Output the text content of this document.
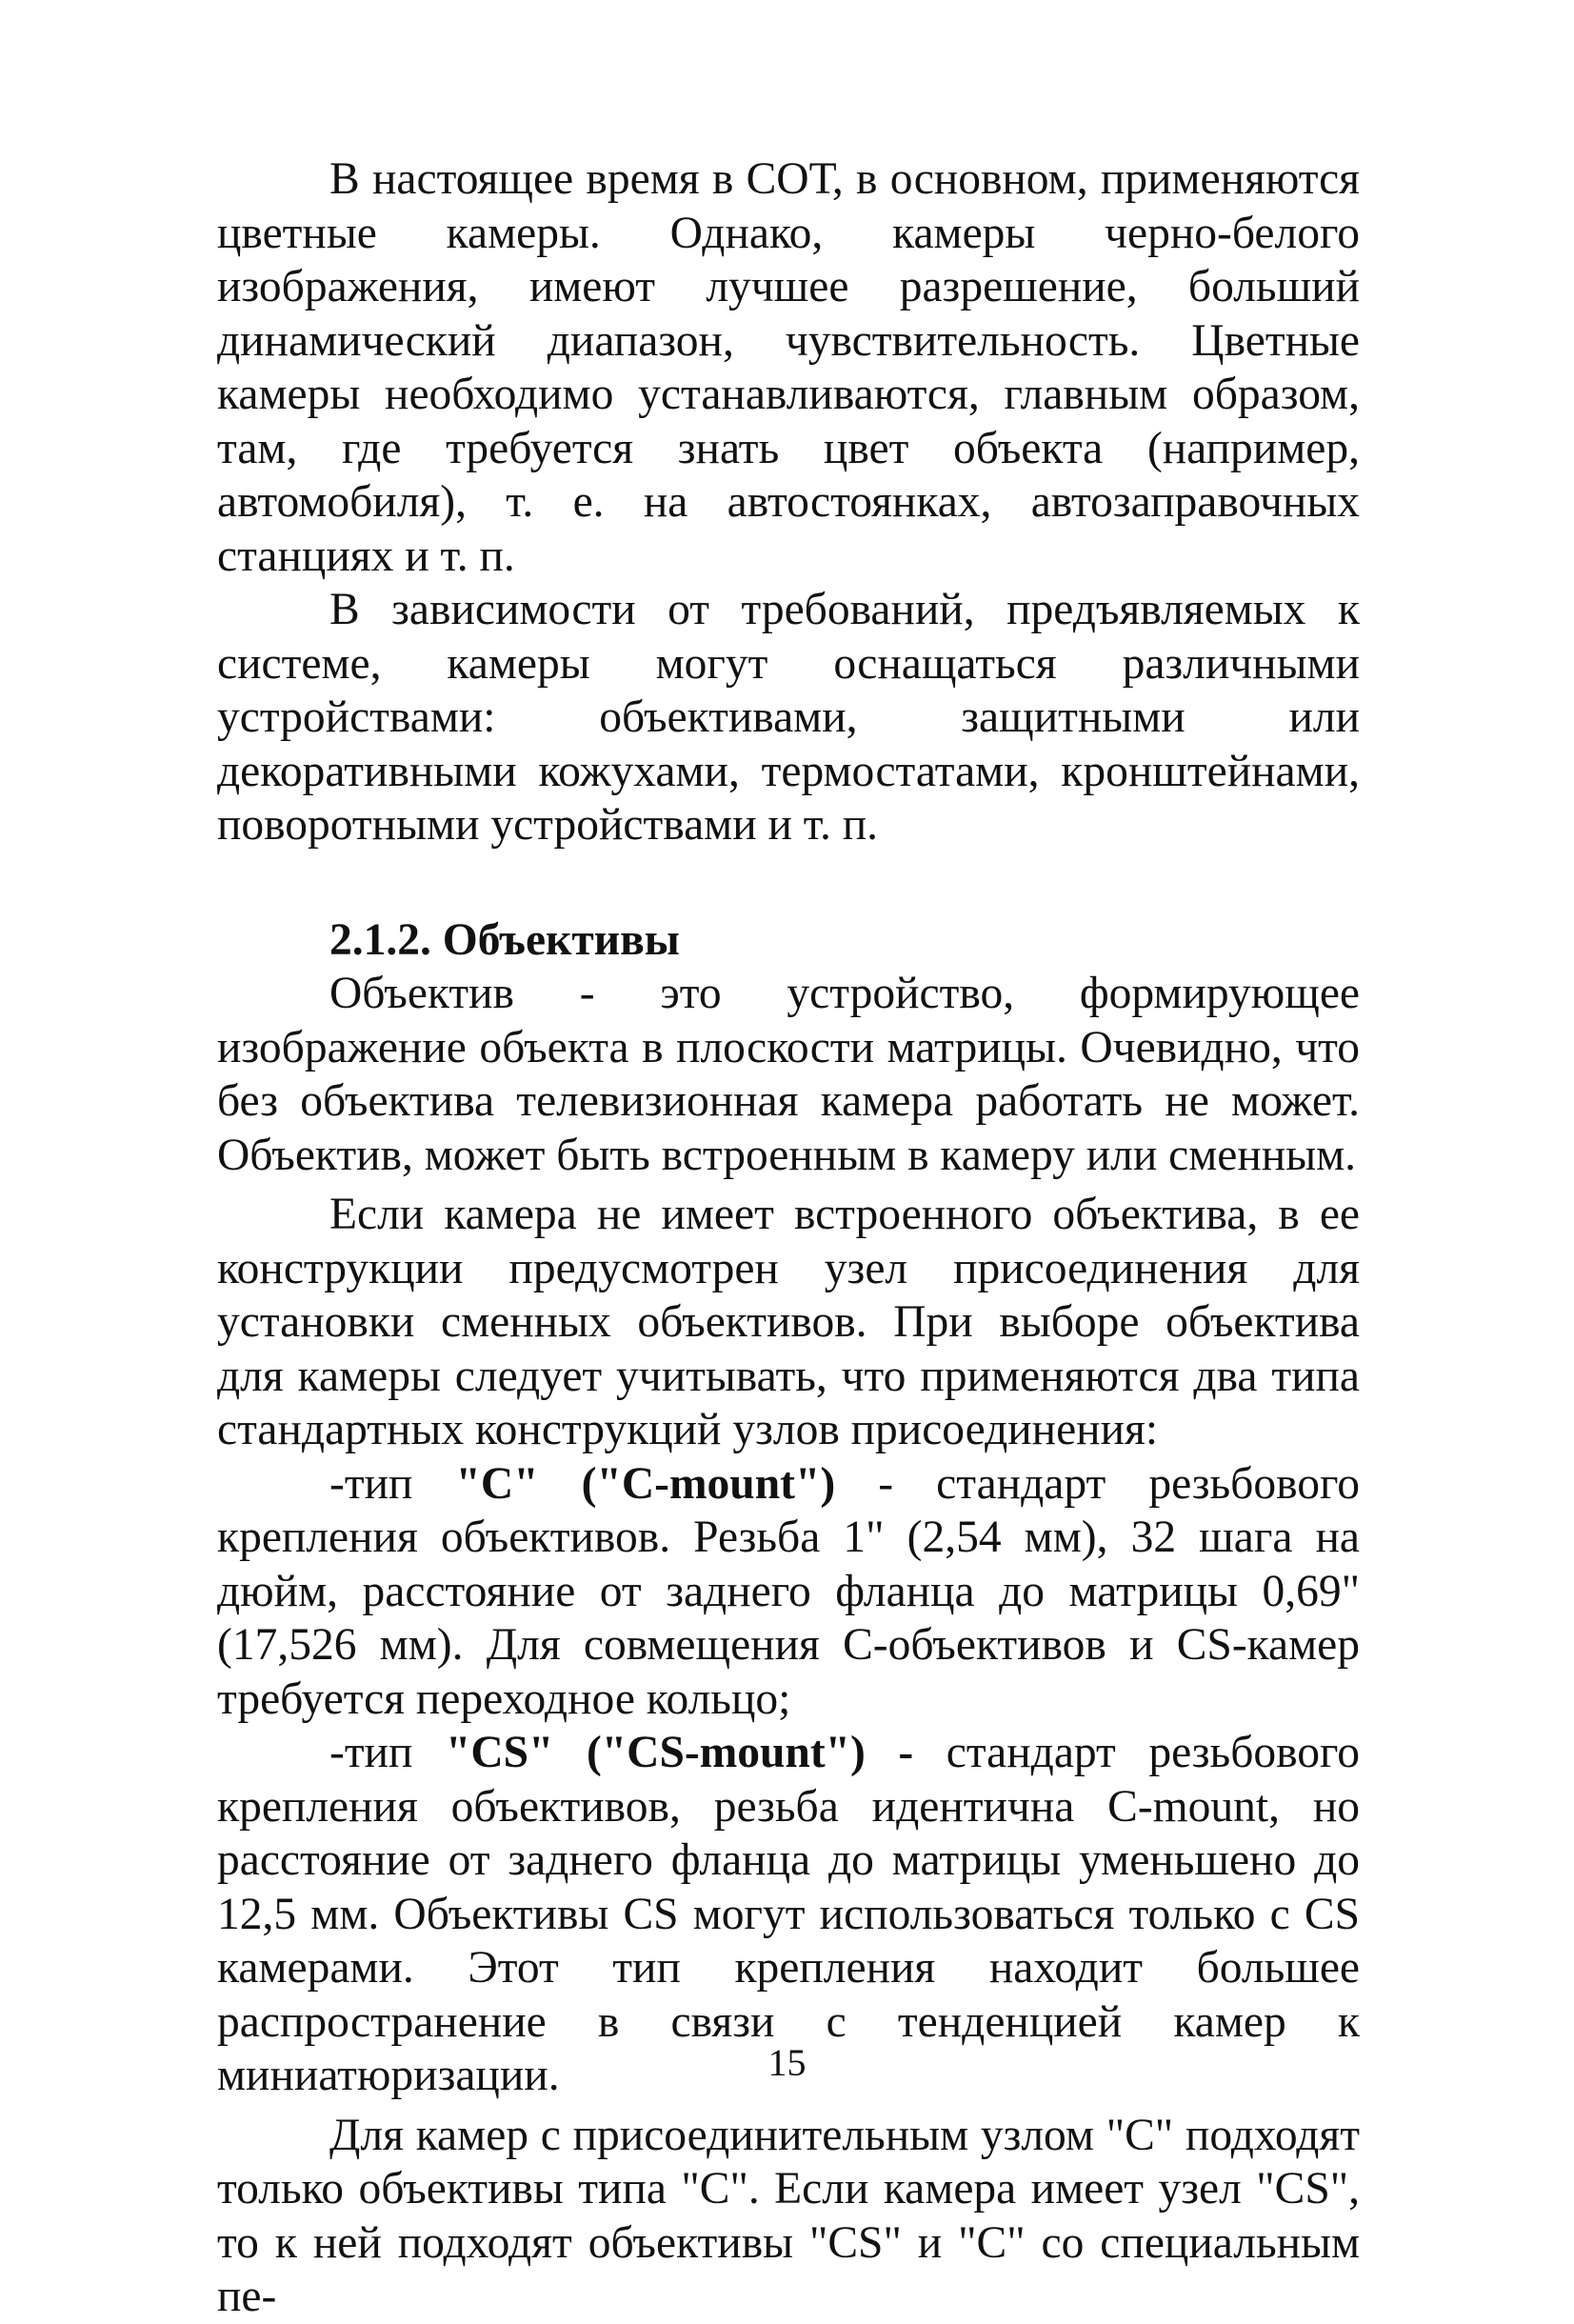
В настоящее время в СОТ, в основном, применяются цветные камеры. Однако, камеры черно-белого изображения, имеют лучшее разрешение, больший динамический диапазон, чувствительность. Цветные камеры необходимо устанавливаются, главным образом, там, где требуется знать цвет объекта (например, автомобиля), т. е. на автостоянках, автозаправочных станциях и т. п.

В зависимости от требований, предъявляемых к системе, камеры могут оснащаться различными устройствами: объективами, защитными или декоративными кожухами, термостатами, кронштейнами, поворотными устройствами и т. п.

2.1.2. Объективы

Объектив - это устройство, формирующее изображение объекта в плоскости матрицы. Очевидно, что без объектива телевизионная камера работать не может. Объектив, может быть встроенным в камеру или сменным.

Если камера не имеет встроенного объектива, в ее конструкции предусмотрен узел присоединения для установки сменных объективов. При выборе объектива для камеры следует учитывать, что применяются два типа стандартных конструкций узлов присоединения:

-тип "С" ("C-mount") - стандарт резьбового крепления объективов. Резьба 1" (2,54 мм), 32 шага на дюйм, расстояние от заднего фланца до матрицы 0,69" (17,526 мм). Для совмещения С-объективов и CS-камер требуется переходное кольцо;

-тип "CS" ("CS-mount") - стандарт резьбового крепления объективов, резьба идентична C-mount, но расстояние от заднего фланца до матрицы уменьшено до 12,5 мм. Объективы CS могут использоваться только с CS камерами. Этот тип крепления находит большее распространение в связи с тенденцией камер к миниатюризации.

Для камер с присоединительным узлом "С" подходят только объективы типа "С". Если камера имеет узел "CS", то к ней подходят объективы "CS" и "С" со специальным пе-

15
